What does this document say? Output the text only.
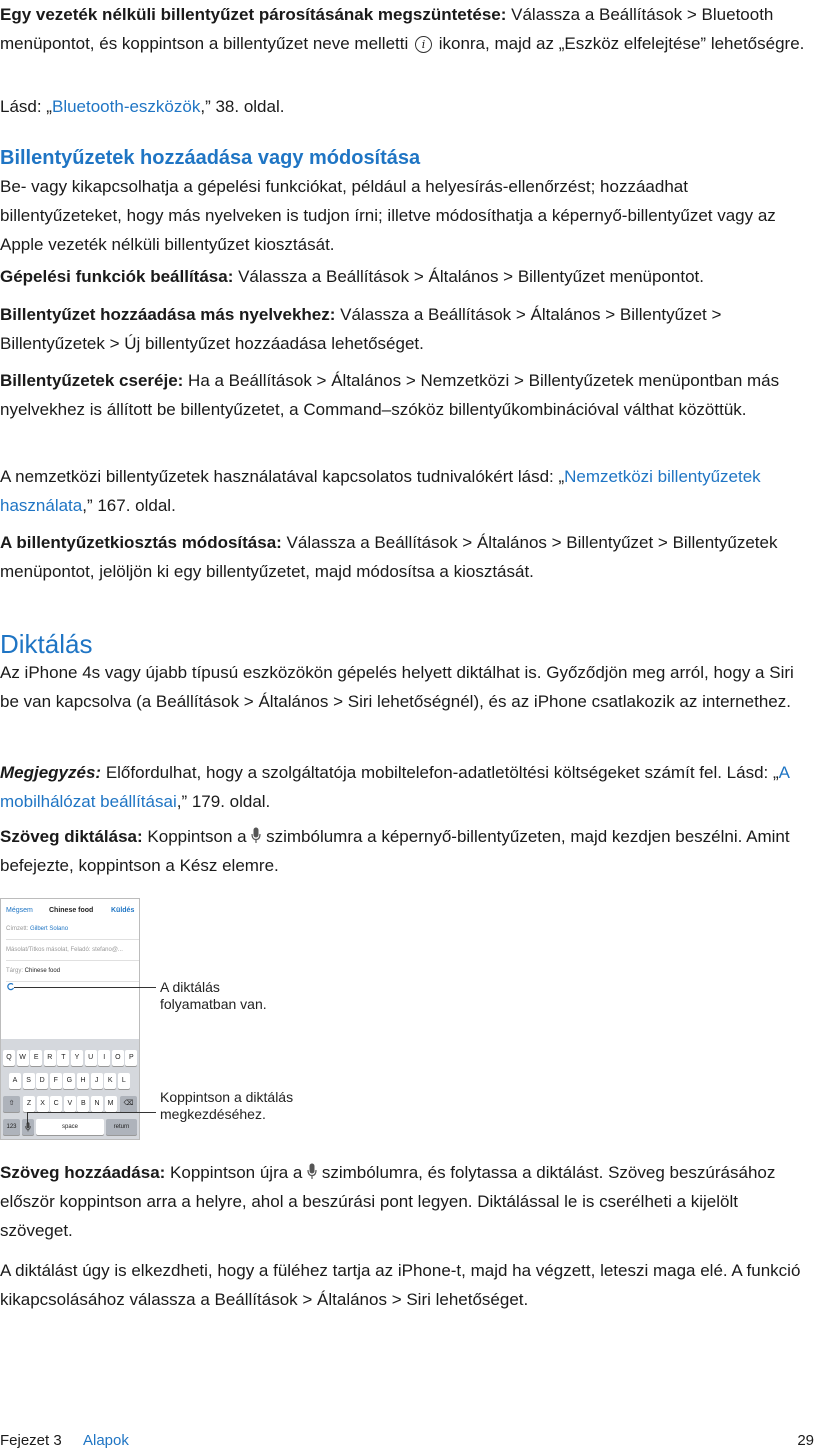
Egy vezeték nélküli billentyűzet párosításának megszüntetése: Válassza a Beállítások > Bluetooth menüpontot, és koppintson a billentyűzet neve melletti i ikonra, majd az „Eszköz elfelejtése” lehetőségre.

Lásd: „Bluetooth-eszközök,” 38. oldal.

Billentyűzetek hozzáadása vagy módosítása

Be- vagy kikapcsolhatja a gépelési funkciókat, például a helyesírás-ellenőrzést; hozzáadhat billentyűzeteket, hogy más nyelveken is tudjon írni; illetve módosíthatja a képernyő-billentyűzet vagy az Apple vezeték nélküli billentyűzet kiosztását.

Gépelési funkciók beállítása: Válassza a Beállítások > Általános > Billentyűzet menüpontot.

Billentyűzet hozzáadása más nyelvekhez: Válassza a Beállítások > Általános > Billentyűzet > Billentyűzetek > Új billentyűzet hozzáadása lehetőséget.

Billentyűzetek cseréje: Ha a Beállítások > Általános > Nemzetközi > Billentyűzetek menüpontban más nyelvekhez is állított be billentyűzetet, a Command–szóköz billentyűkombinációval válthat közöttük.

A nemzetközi billentyűzetek használatával kapcsolatos tudnivalókért lásd: „Nemzetközi billentyűzetek használata,” 167. oldal.

A billentyűzetkiosztás módosítása: Válassza a Beállítások > Általános > Billentyűzet > Billentyűzetek menüpontot, jelöljön ki egy billentyűzetet, majd módosítsa a kiosztását.

Diktálás

Az iPhone 4s vagy újabb típusú eszközökön gépelés helyett diktálhat is. Győződjön meg arról, hogy a Siri be van kapcsolva (a Beállítások > Általános > Siri lehetőségnél), és az iPhone csatlakozik az internethez.

Megjegyzés: Előfordulhat, hogy a szolgáltatója mobiltelefon-adatletöltési költségeket számít fel. Lásd: „A mobilhálózat beállításai,” 179. oldal.

Szöveg diktálása: Koppintson a  szimbólumra a képernyő-billentyűzeten, majd kezdjen beszélni. Amint befejezte, koppintson a Kész elemre.

Mégsem Chinese food	Küldés
Címzett: Gilbert Solano
Másolat/Titkos másolat, Feladó: stefano@...
Tárgy: Chinese food
Q	W	E	R	T	Y	U	I	O	P
A	S	D	F	G	H	J	K	L
⇧	Z	X	C	V	B	N	M	⌫
123	space	return
A diktálás
folyamatban van.
Koppintson a diktálás
megkezdéséhez.

Szöveg hozzáadása: Koppintson újra a  szimbólumra, és folytassa a diktálást. Szöveg beszúrásához először koppintson arra a helyre, ahol a beszúrási pont legyen. Diktálással le is cserélheti a kijelölt szöveget.

A diktálást úgy is elkezdheti, hogy a füléhez tartja az iPhone-t, majd ha végzett, leteszi maga elé. A funkció kikapcsolásához válassza a Beállítások > Általános > Siri lehetőséget.

Fejezet 3 Alapok	29
